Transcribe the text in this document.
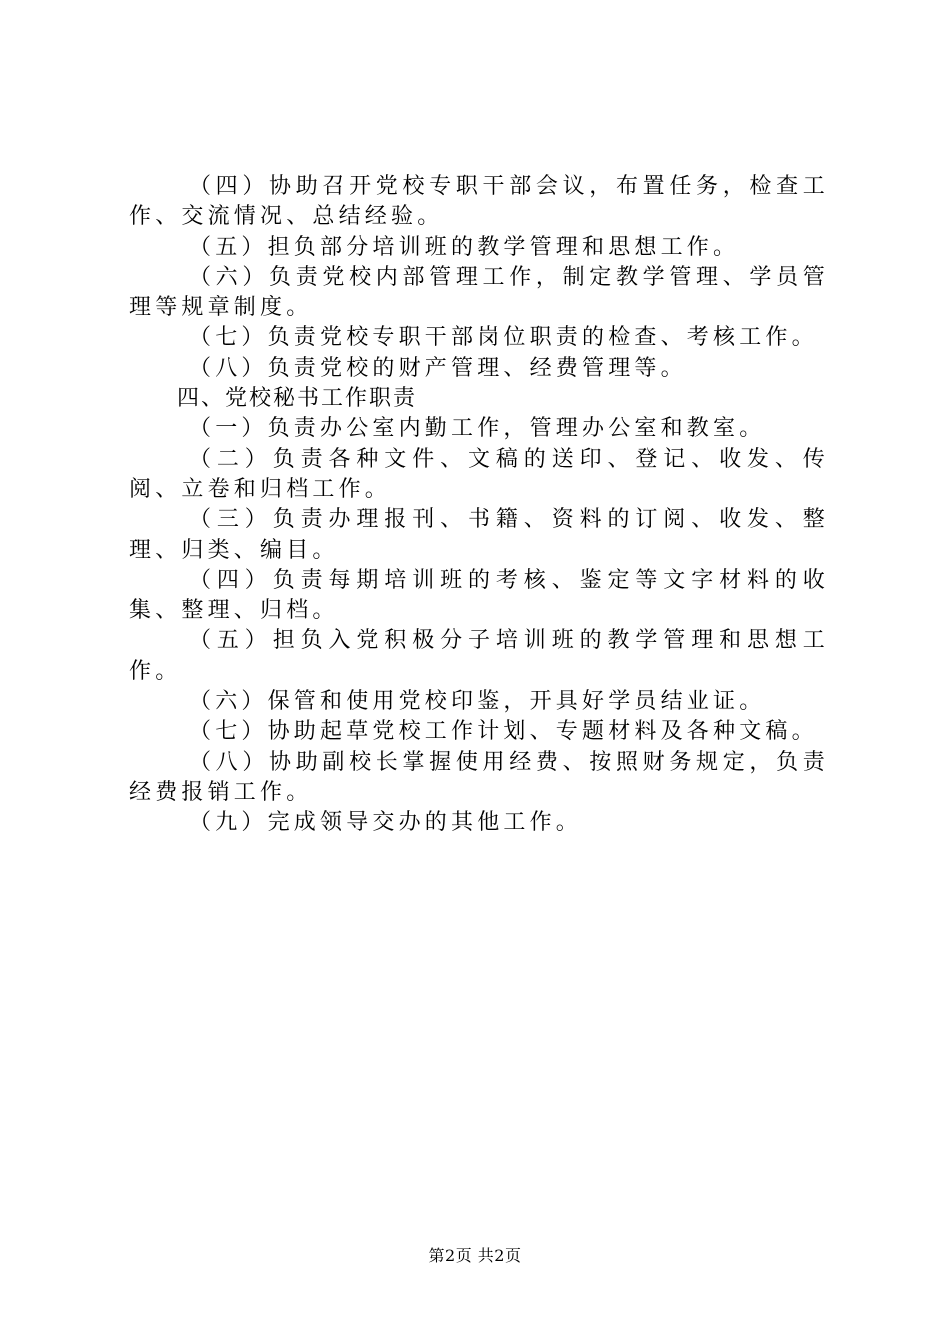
（四）协助召开党校专职干部会议，布置任务，检查工作、交流情况、总结经验。

（五）担负部分培训班的教学管理和思想工作。

（六）负责党校内部管理工作，制定教学管理、学员管理等规章制度。

（七）负责党校专职干部岗位职责的检查、考核工作。

（八）负责党校的财产管理、经费管理等。

四、党校秘书工作职责

（一）负责办公室内勤工作，管理办公室和教室。

（二）负责各种文件、文稿的送印、登记、收发、传阅、立卷和归档工作。

（三）负责办理报刊、书籍、资料的订阅、收发、整理、归类、编目。

（四）负责每期培训班的考核、鉴定等文字材料的收集、整理、归档。

（五）担负入党积极分子培训班的教学管理和思想工作。

（六）保管和使用党校印鉴，开具好学员结业证。

（七）协助起草党校工作计划、专题材料及各种文稿。

（八）协助副校长掌握使用经费、按照财务规定，负责经费报销工作。

（九）完成领导交办的其他工作。

第2页 共2页
